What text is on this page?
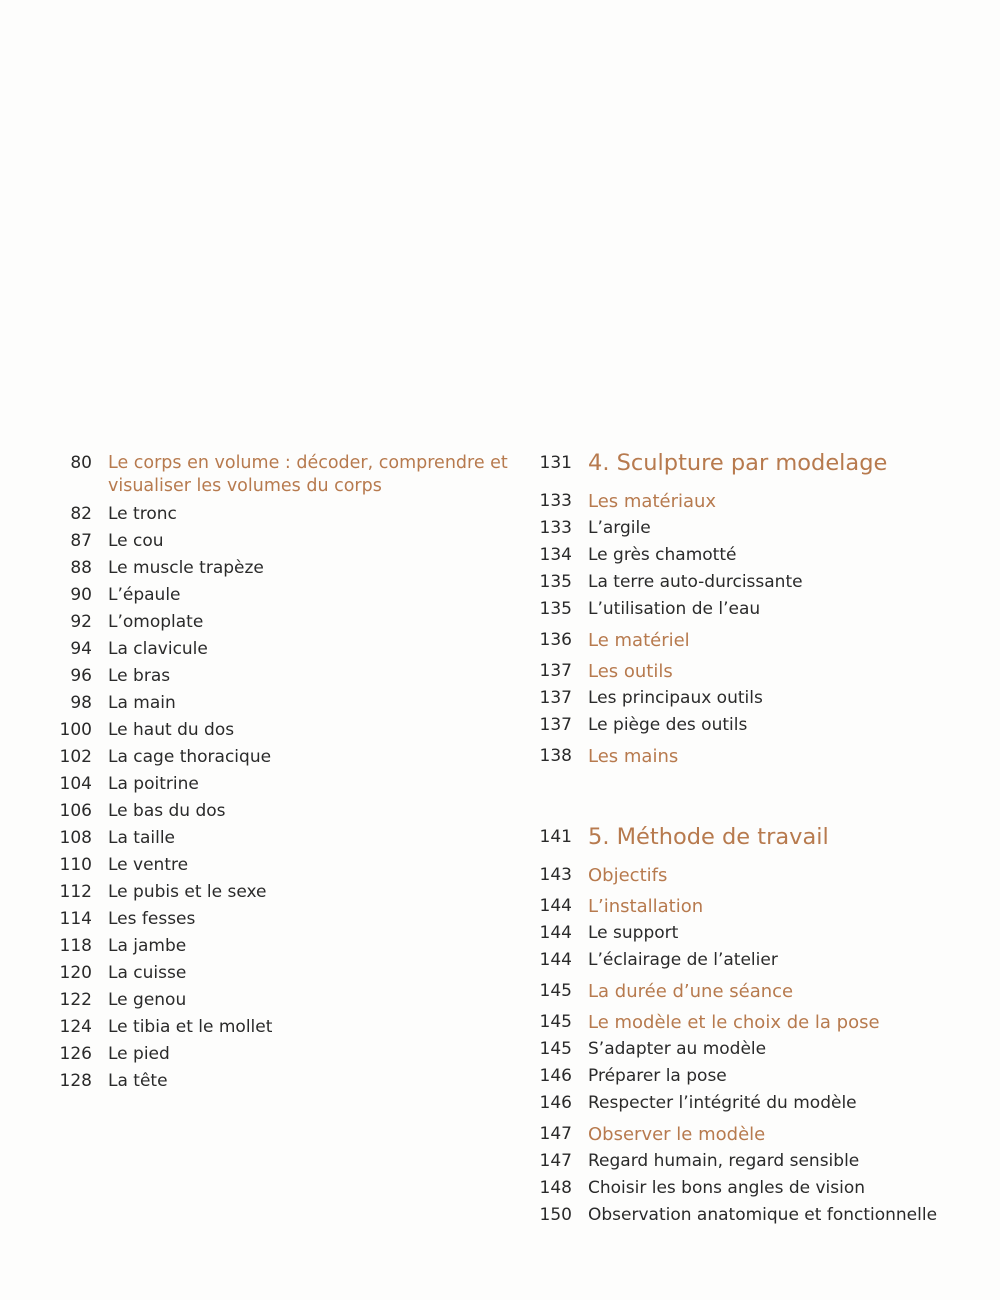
80 Le corps en volume : décoder, comprendre et visualiser les volumes du corps
82 Le tronc
87 Le cou
88 Le muscle trapèze
90 L’épaule
92 L’omoplate
94 La clavicule
96 Le bras
98 La main
100 Le haut du dos
102 La cage thoracique
104 La poitrine
106 Le bas du dos
108 La taille
110 Le ventre
112 Le pubis et le sexe
114 Les fesses
118 La jambe
120 La cuisse
122 Le genou
124 Le tibia et le mollet
126 Le pied
128 La tête
131 4. Sculpture par modelage
133 Les matériaux
133 L’argile
134 Le grès chamotté
135 La terre auto-durcissante
135 L’utilisation de l’eau
136 Le matériel
137 Les outils
137 Les principaux outils
137 Le piège des outils
138 Les mains
141 5. Méthode de travail
143 Objectifs
144 L’installation
144 Le support
144 L’éclairage de l’atelier
145 La durée d’une séance
145 Le modèle et le choix de la pose
145 S’adapter au modèle
146 Préparer la pose
146 Respecter l’intégrité du modèle
147 Observer le modèle
147 Regard humain, regard sensible
148 Choisir les bons angles de vision
150 Observation anatomique et fonctionnelle
